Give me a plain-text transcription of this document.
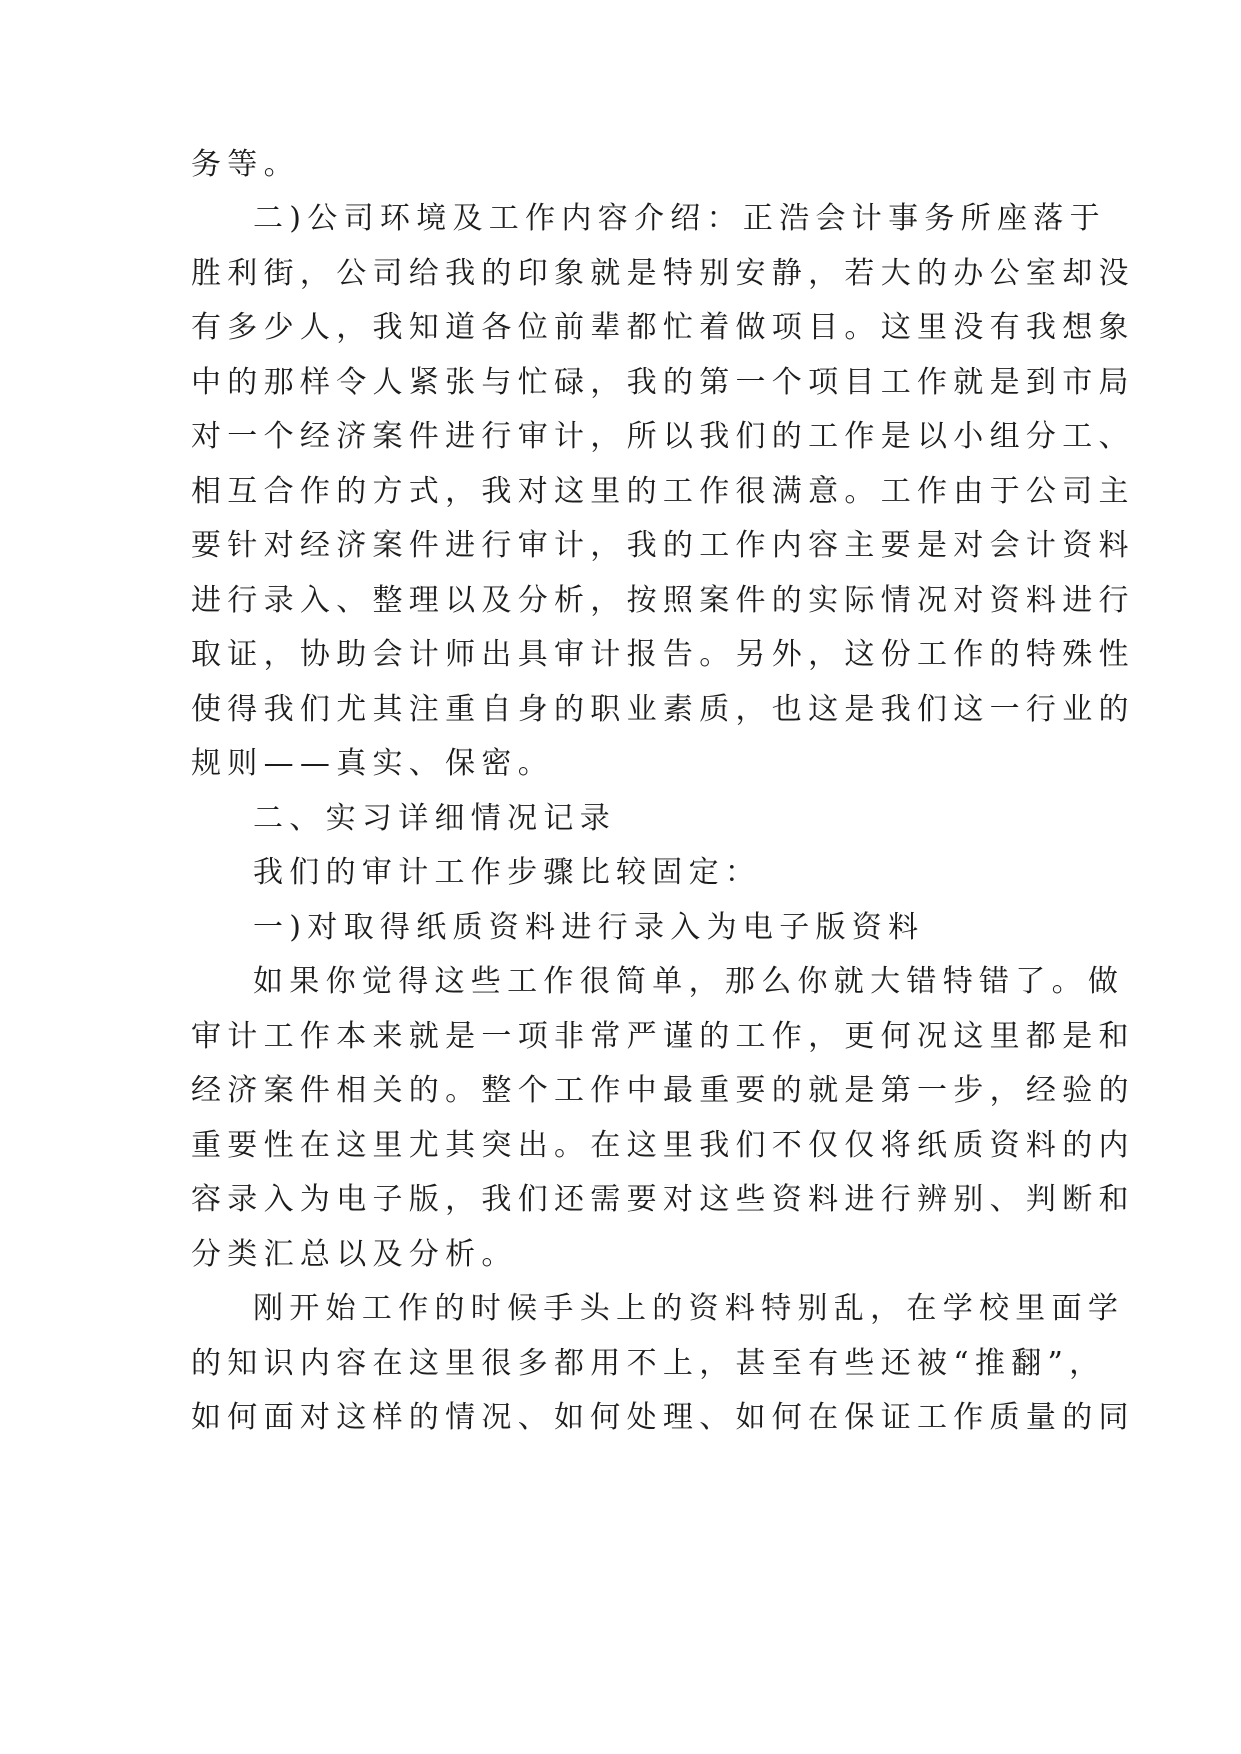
务等。
二)公司环境及工作内容介绍：正浩会计事务所座落于
胜利街，公司给我的印象就是特别安静，若大的办公室却没
有多少人，我知道各位前辈都忙着做项目。这里没有我想象
中的那样令人紧张与忙碌，我的第一个项目工作就是到市局
对一个经济案件进行审计，所以我们的工作是以小组分工、
相互合作的方式，我对这里的工作很满意。工作由于公司主
要针对经济案件进行审计，我的工作内容主要是对会计资料
进行录入、整理以及分析，按照案件的实际情况对资料进行
取证，协助会计师出具审计报告。另外，这份工作的特殊性
使得我们尤其注重自身的职业素质，也这是我们这一行业的
规则——真实、保密。
二、实习详细情况记录
我们的审计工作步骤比较固定：
一)对取得纸质资料进行录入为电子版资料
如果你觉得这些工作很简单，那么你就大错特错了。做
审计工作本来就是一项非常严谨的工作，更何况这里都是和
经济案件相关的。整个工作中最重要的就是第一步，经验的
重要性在这里尤其突出。在这里我们不仅仅将纸质资料的内
容录入为电子版，我们还需要对这些资料进行辨别、判断和
分类汇总以及分析。
刚开始工作的时候手头上的资料特别乱，在学校里面学
的知识内容在这里很多都用不上，甚至有些还被“推翻”，
如何面对这样的情况、如何处理、如何在保证工作质量的同
